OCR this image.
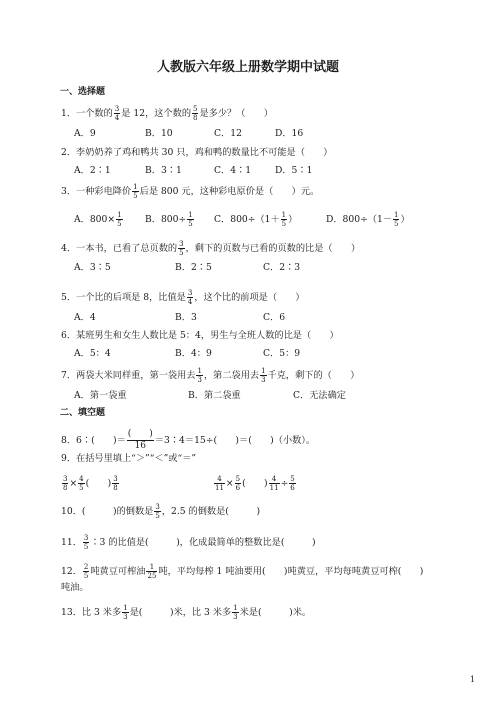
人教版六年级上册数学期中试题
一、选择题
1．一个数的 $\frac{3}{4}$ 是 12，这个数的 $\frac{5}{8}$ 是多少？（　　）
A．9	B．10	C．12	D．16
2．李奶奶养了鸡和鸭共 30 只，鸡和鸭的数量比不可能是（　　）
A．2∶1	B．3∶1	C．4∶1	D．5∶1
3．一种彩电降价 $\frac{1}{5}$ 后是 800 元，这种彩电原价是（　　）元。
A．$800\times \frac{1}{5}$ B．$800\div \frac{1}{5}$ C．$800\div(1+ \frac{1}{5}$ ）	D．$800\div(1- \frac{1}{5}$ ）
4．一本书，已看了总页数的 $\frac{3}{5}$ ，剩下的页数与已看的页数的比是（　　）
A．3∶5	B．2∶5	C．2∶3
5．一个比的后项是 8，比值是 $\frac{3}{4}$ ，这个比的前项是（　　）
A．4	B．3	C．6
6．某班男生和女生人数比是 5：4，男生与全班人数的比是（　　）
A．5：4	B．4：9	C．5：9
7．两袋大米同样重，第一袋用去 $\frac{1}{3}$ ，第二袋用去 $\frac{1}{3}$ 千克，剩下的（　　）
A．第一袋重	B．第二袋重	C．无法确定
二、填空题
8．6∶(　　)＝
(　　)
16 ＝3∶4＝15÷(　　)＝(　　)（小数）。
9．在括号里填上“＞”“＜”或“＝”
$\frac{3}{8} \times \frac{4}{5}$ (　　) $\frac{3}{8}$	$\frac{4}{11} \times \frac{5}{6}$ (　　) $\frac{4}{11} \div \frac{5}{6}$
10．(　　　)的倒数是 $\frac{3}{5}$ ，2.5 的倒数是(　　　)
11． $\frac{3}{5}$ ∶3 的比值是(　　　)，化成最简单的整数比是(　　　)
12． $\frac{2}{5}$ 吨黄豆可榨油 $\frac{1}{25}$ 吨，平均每榨 1 吨油要用(　　)吨黄豆，平均每吨黄豆可榨(　　)
吨油。
13．比 3 米多 $\frac{1}{3}$ 是(　　　)米，比 3 米多 $\frac{1}{3}$ 米是(　　　)米。
1
